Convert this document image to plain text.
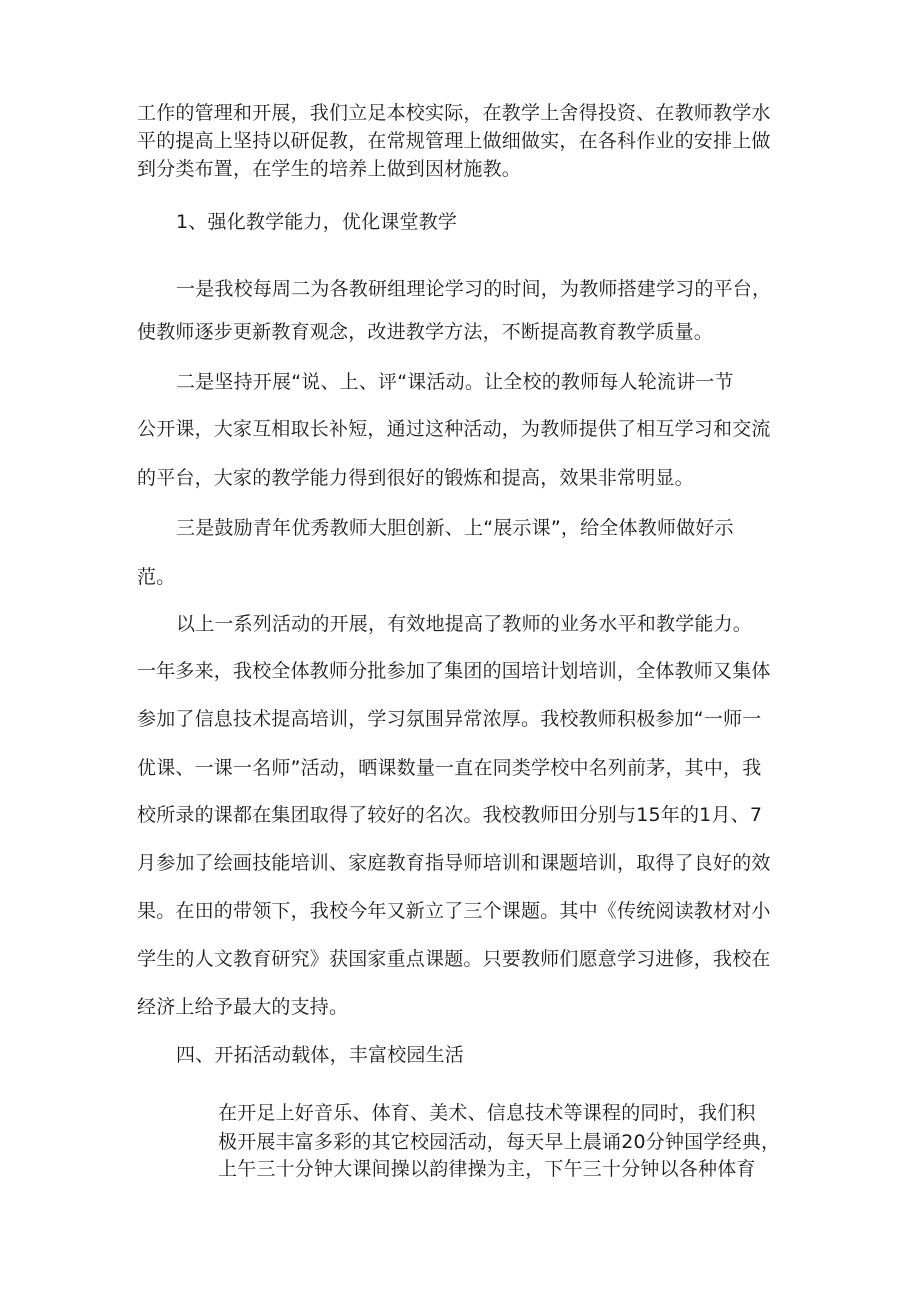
工作的管理和开展，我们立足本校实际，在教学上舍得投资、在教师教学水

平的提高上坚持以研促教，在常规管理上做细做实，在各科作业的安排上做

到分类布置，在学生的培养上做到因材施教。

1、强化教学能力，优化课堂教学

一是我校每周二为各教研组理论学习的时间，为教师搭建学习的平台，

使教师逐步更新教育观念，改进教学方法，不断提高教育教学质量。

二是坚持开展“说、上、评“课活动。让全校的教师每人轮流讲一节

公开课，大家互相取长补短，通过这种活动，为教师提供了相互学习和交流

的平台，大家的教学能力得到很好的锻炼和提高，效果非常明显。

三是鼓励青年优秀教师大胆创新、上“展示课”，给全体教师做好示

范。

以上一系列活动的开展，有效地提高了教师的业务水平和教学能力。

一年多来，我校全体教师分批参加了集团的国培计划培训，全体教师又集体

参加了信息技术提高培训，学习氛围异常浓厚。我校教师积极参加“一师一

优课、一课一名师”活动，晒课数量一直在同类学校中名列前茅，其中，我

校所录的课都在集团取得了较好的名次。我校教师田分别与15年的1月、7

月参加了绘画技能培训、家庭教育指导师培训和课题培训，取得了良好的效

果。在田的带领下，我校今年又新立了三个课题。其中《传统阅读教材对小

学生的人文教育研究》获国家重点课题。只要教师们愿意学习进修，我校在

经济上给予最大的支持。

四、开拓活动载体，丰富校园生活

在开足上好音乐、体育、美术、信息技术等课程的同时，我们积

极开展丰富多彩的其它校园活动，每天早上晨诵20分钟国学经典，

上午三十分钟大课间操以韵律操为主，下午三十分钟以各种体育
